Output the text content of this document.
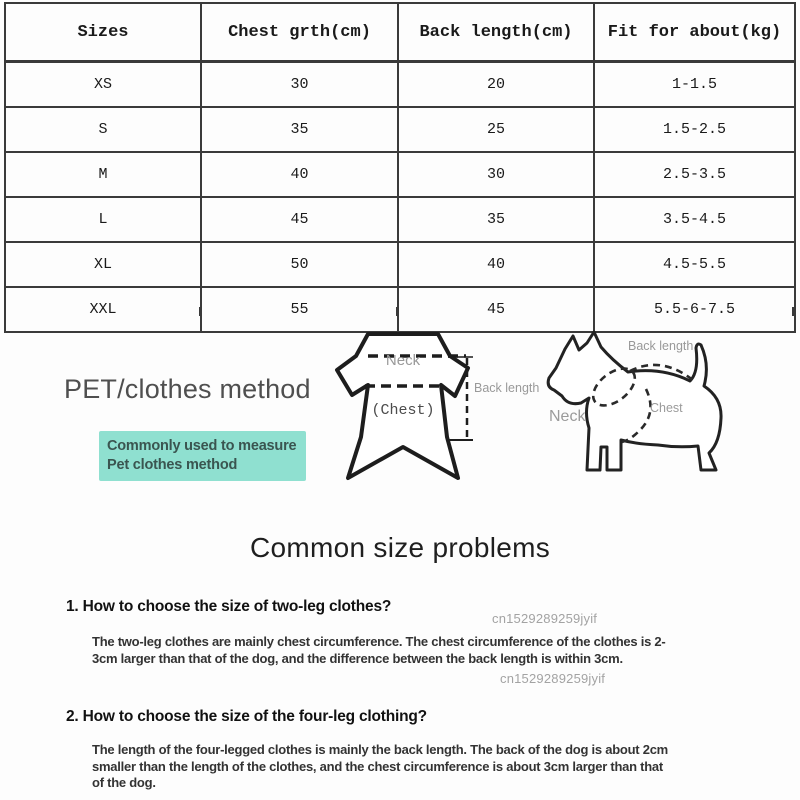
Sizes	Chest grth(cm)	Back length(cm)	Fit for about(kg)
XS	30	20	1-1.5
S	35	25	1.5-2.5
M	40	30	2.5-3.5
L	45	35	3.5-4.5
XL	50	40	4.5-5.5
XXL	55	45	5.5-6-7.5
PET/clothes method
Commonly used to measure
Pet clothes method
Neck
(Chest)
Back length
Back length
Neck	Chest
Common size problems
1. How to choose the size of two-leg clothes?
cn1529289259jyif
The two-leg clothes are mainly chest circumference. The chest circumference of the clothes is 2-3cm larger than that of the dog, and the difference between the back length is within 3cm.
cn1529289259jyif
2. How to choose the size of the four-leg clothing?
The length of the four-legged clothes is mainly the back length. The back of the dog is about 2cm smaller than the length of the clothes, and the chest circumference is about 3cm larger than that of the dog.
